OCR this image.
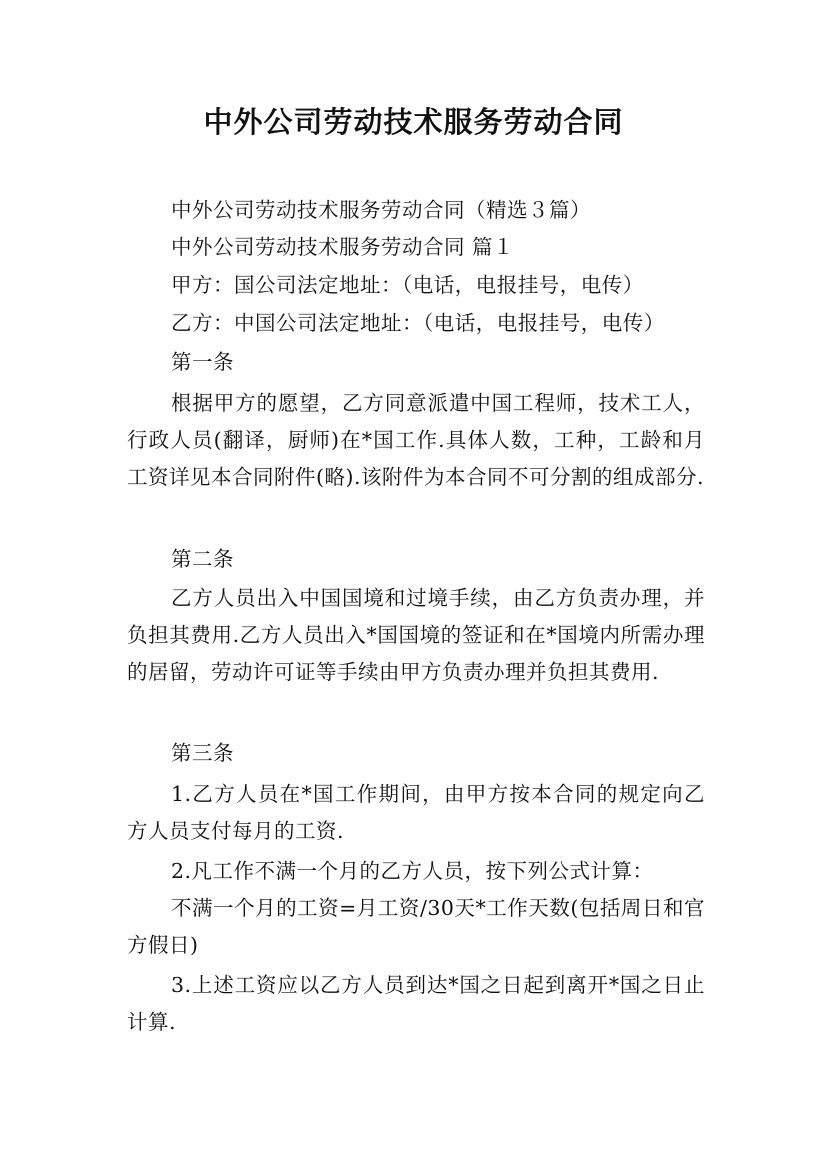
中外公司劳动技术服务劳动合同

中外公司劳动技术服务劳动合同（精选３篇）

中外公司劳动技术服务劳动合同 篇１

甲方：国公司法定地址：（电话，电报挂号，电传）

乙方：中国公司法定地址：（电话，电报挂号，电传）

第一条

根据甲方的愿望，乙方同意派遣中国工程师，技术工人，行政人员(翻译，厨师)在*国工作.具体人数，工种，工龄和月工资详见本合同附件(略).该附件为本合同不可分割的组成部分.

第二条

乙方人员出入中国国境和过境手续，由乙方负责办理，并负担其费用.乙方人员出入*国国境的签证和在*国境内所需办理的居留，劳动许可证等手续由甲方负责办理并负担其费用.

第三条

1.乙方人员在*国工作期间，由甲方按本合同的规定向乙方人员支付每月的工资.

2.凡工作不满一个月的乙方人员，按下列公式计算：

不满一个月的工资=月工资/30天*工作天数(包括周日和官方假日)

3.上述工资应以乙方人员到达*国之日起到离开*国之日止计算.
